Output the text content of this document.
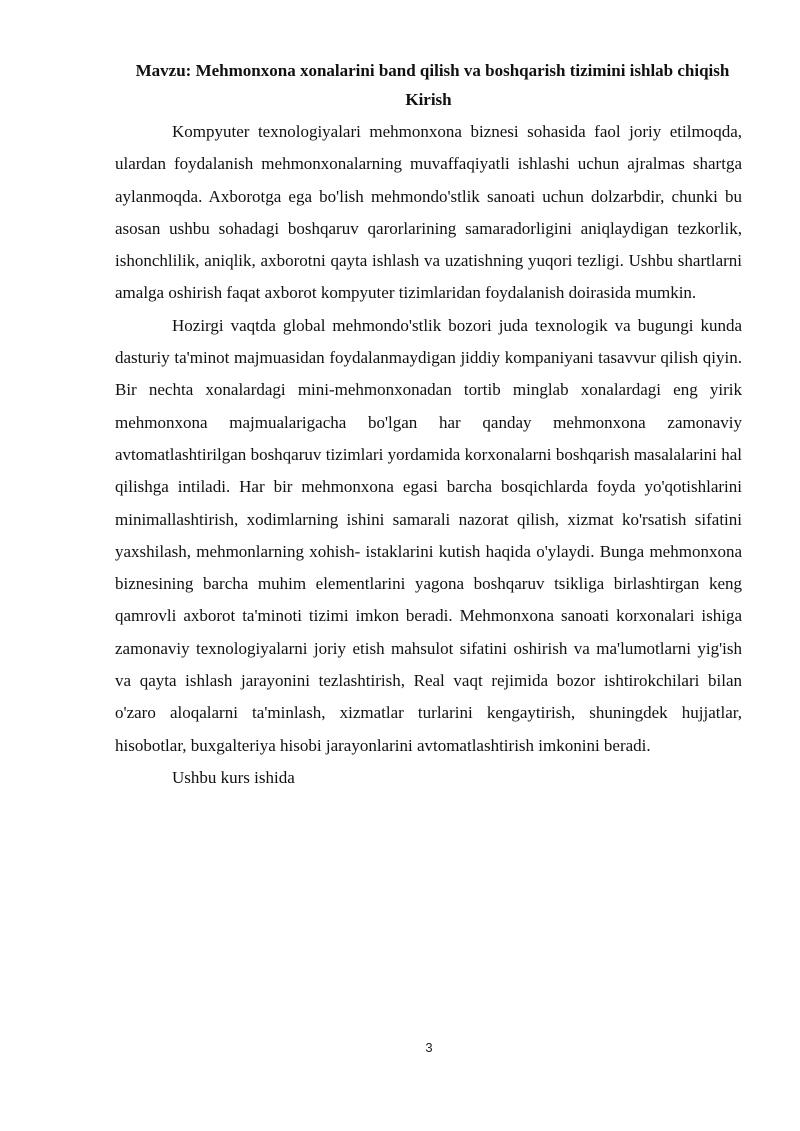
Mavzu: Mehmonxona xonalarini band qilish va boshqarish tizimini ishlab chiqish

Kirish

Kompyuter texnologiyalari mehmonxona biznesi sohasida faol joriy etilmoqda, ulardan foydalanish mehmonxonalarning muvaffaqiyatli ishlashi uchun ajralmas shartga aylanmoqda. Axborotga ega bo'lish mehmondo'stlik sanoati uchun dolzarbdir, chunki bu asosan ushbu sohadagi boshqaruv qarorlarining samaradorligini aniqlaydigan tezkorlik, ishonchlilik, aniqlik, axborotni qayta ishlash va uzatishning yuqori tezligi. Ushbu shartlarni amalga oshirish faqat axborot kompyuter tizimlaridan foydalanish doirasida mumkin.

Hozirgi vaqtda global mehmondo'stlik bozori juda texnologik va bugungi kunda dasturiy ta'minot majmuasidan foydalanmaydigan jiddiy kompaniyani tasavvur qilish qiyin. Bir nechta xonalardagi mini-mehmonxonadan tortib minglab xonalardagi eng yirik mehmonxona majmualarigacha bo'lgan har qanday mehmonxona zamonaviy avtomatlashtirilgan boshqaruv tizimlari yordamida korxonalarni boshqarish masalalarini hal qilishga intiladi. Har bir mehmonxona egasi barcha bosqichlarda foyda yo'qotishlarini minimallashtirish, xodimlarning ishini samarali nazorat qilish, xizmat ko'rsatish sifatini yaxshilash, mehmonlarning xohish- istaklarini kutish haqida o'ylaydi. Bunga mehmonxona biznesining barcha muhim elementlarini yagona boshqaruv tsikliga birlashtirgan keng qamrovli axborot ta'minoti tizimi imkon beradi. Mehmonxona sanoati korxonalari ishiga zamonaviy texnologiyalarni joriy etish mahsulot sifatini oshirish va ma'lumotlarni yig'ish va qayta ishlash jarayonini tezlashtirish, Real vaqt rejimida bozor ishtirokchilari bilan o'zaro aloqalarni ta'minlash, xizmatlar turlarini kengaytirish, shuningdek hujjatlar, hisobotlar, buxgalteriya hisobi jarayonlarini avtomatlashtirish imkonini beradi.

Ushbu kurs ishida

3
